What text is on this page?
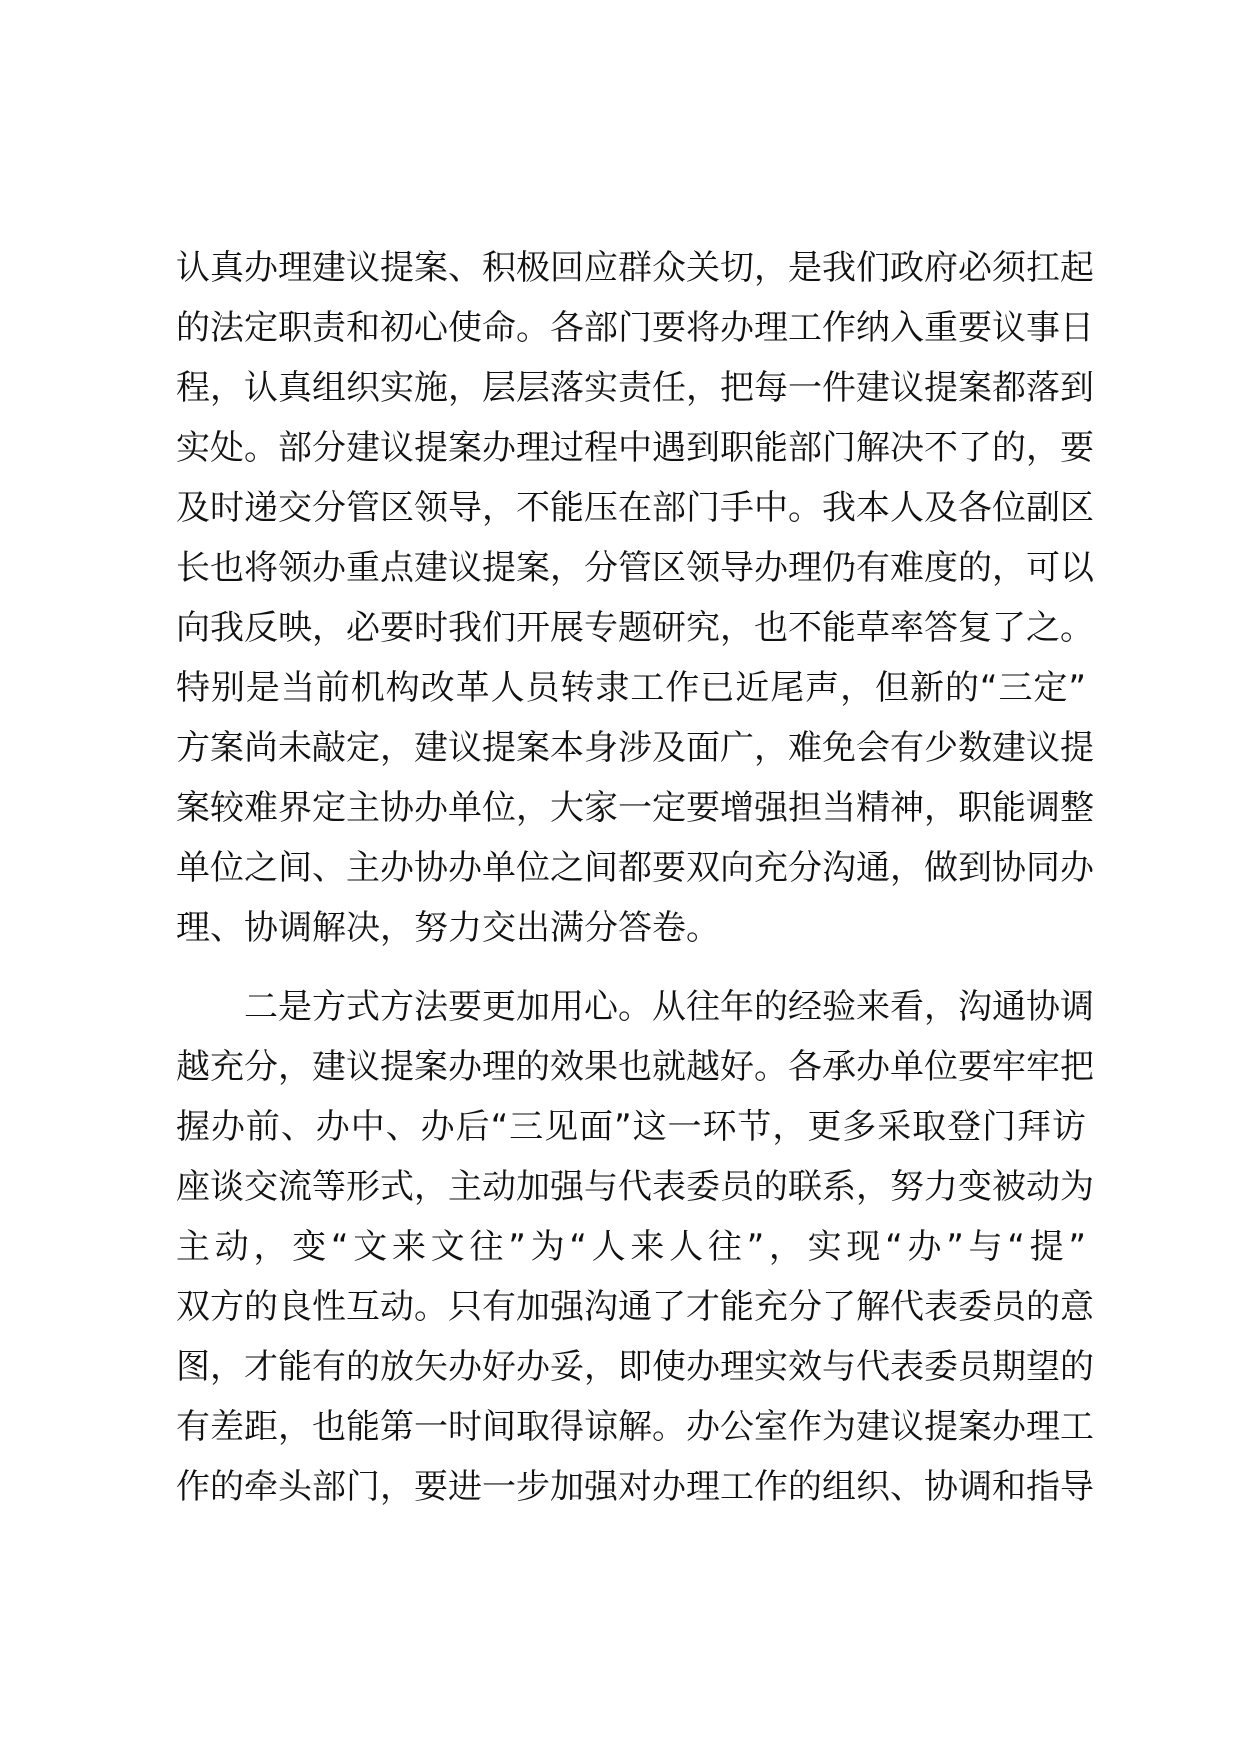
认真办理建议提案、积极回应群众关切，是我们政府必须扛起
的法定职责和初心使命。各部门要将办理工作纳入重要议事日
程，认真组织实施，层层落实责任，把每一件建议提案都落到
实处。部分建议提案办理过程中遇到职能部门解决不了的，要
及时递交分管区领导，不能压在部门手中。我本人及各位副区
长也将领办重点建议提案，分管区领导办理仍有难度的，可以
向我反映，必要时我们开展专题研究，也不能草率答复了之。
特别是当前机构改革人员转隶工作已近尾声，但新的“三定”
方案尚未敲定，建议提案本身涉及面广，难免会有少数建议提
案较难界定主协办单位，大家一定要增强担当精神，职能调整
单位之间、主办协办单位之间都要双向充分沟通，做到协同办
理、协调解决，努力交出满分答卷。
二是方式方法要更加用心。从往年的经验来看，沟通协调
越充分，建议提案办理的效果也就越好。各承办单位要牢牢把
握办前、办中、办后“三见面”这一环节，更多采取登门拜访
座谈交流等形式，主动加强与代表委员的联系，努力变被动为
主动，变“文来文往”为“人来人往”，实现“办”与“提”
双方的良性互动。只有加强沟通了才能充分了解代表委员的意
图，才能有的放矢办好办妥，即使办理实效与代表委员期望的
有差距，也能第一时间取得谅解。办公室作为建议提案办理工
作的牵头部门，要进一步加强对办理工作的组织、协调和指导
